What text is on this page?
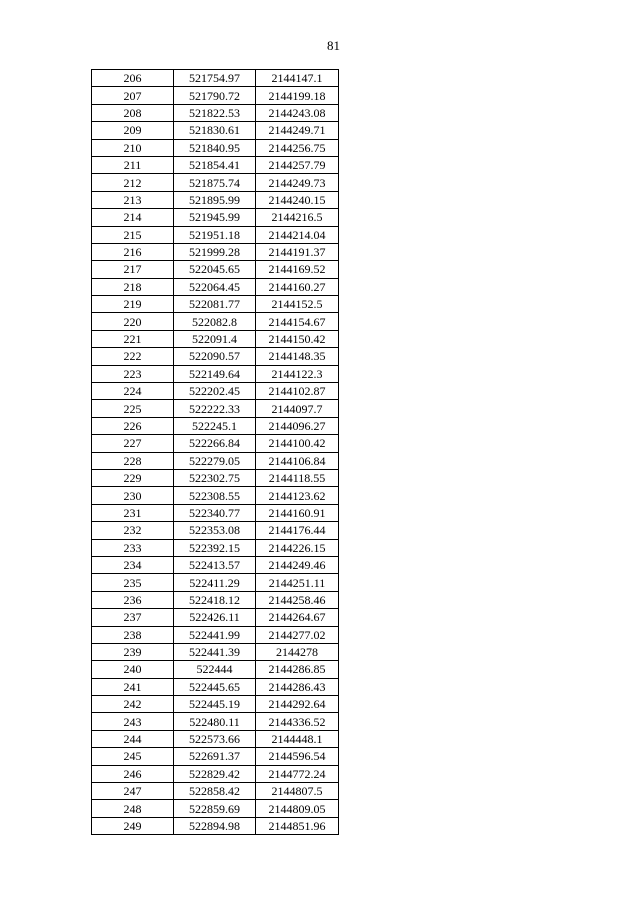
81
206	521754.97	2144147.1
207	521790.72	2144199.18
208	521822.53	2144243.08
209	521830.61	2144249.71
210	521840.95	2144256.75
211	521854.41	2144257.79
212	521875.74	2144249.73
213	521895.99	2144240.15
214	521945.99	2144216.5
215	521951.18	2144214.04
216	521999.28	2144191.37
217	522045.65	2144169.52
218	522064.45	2144160.27
219	522081.77	2144152.5
220	522082.8	2144154.67
221	522091.4	2144150.42
222	522090.57	2144148.35
223	522149.64	2144122.3
224	522202.45	2144102.87
225	522222.33	2144097.7
226	522245.1	2144096.27
227	522266.84	2144100.42
228	522279.05	2144106.84
229	522302.75	2144118.55
230	522308.55	2144123.62
231	522340.77	2144160.91
232	522353.08	2144176.44
233	522392.15	2144226.15
234	522413.57	2144249.46
235	522411.29	2144251.11
236	522418.12	2144258.46
237	522426.11	2144264.67
238	522441.99	2144277.02
239	522441.39	2144278
240	522444	2144286.85
241	522445.65	2144286.43
242	522445.19	2144292.64
243	522480.11	2144336.52
244	522573.66	2144448.1
245	522691.37	2144596.54
246	522829.42	2144772.24
247	522858.42	2144807.5
248	522859.69	2144809.05
249	522894.98	2144851.96
